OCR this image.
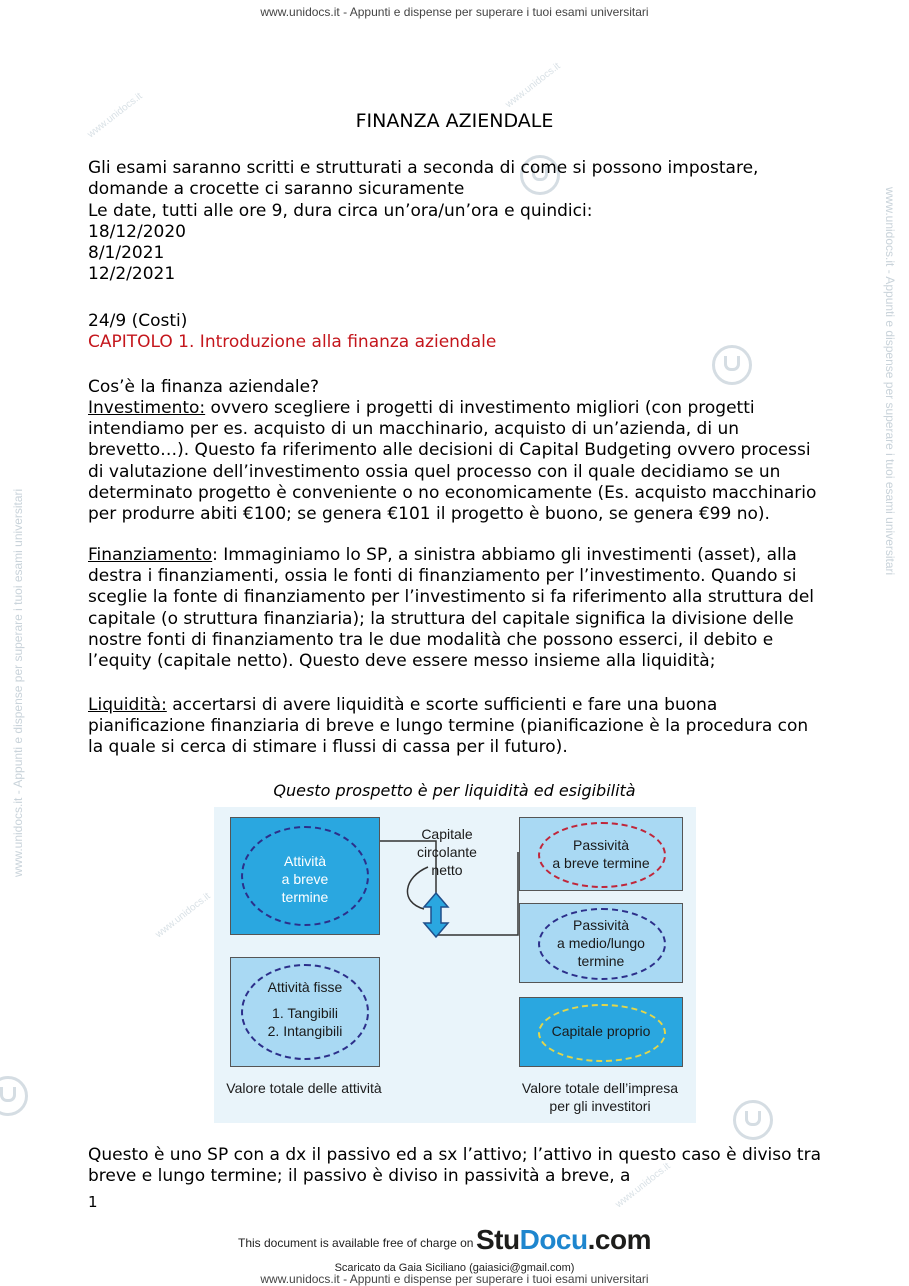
www.unidocs.it - Appunti e dispense per superare i tuoi esami universitari
www.unidocs.it - Appunti e dispense per superare i tuoi esami universitari
www.unidocs.it - Appunti e dispense per superare i tuoi esami universitari
www.unidocs.it
www.unidocs.it
www.unidocs.it
www.unidocs.it
FINANZA AZIENDALE
Gli esami saranno scritti e strutturati a seconda di come si possono impostare, domande a crocette ci saranno sicuramente
Le date, tutti alle ore 9, dura circa un’ora/un’ora e quindici:
18/12/2020
8/1/2021
12/2/2021
24/9 (Costi)
CAPITOLO 1. Introduzione alla finanza aziendale
Cos’è la finanza aziendale?
Investimento: ovvero scegliere i progetti di investimento migliori (con progetti intendiamo per es. acquisto di un macchinario, acquisto di un’azienda, di un brevetto…). Questo fa riferimento alle decisioni di Capital Budgeting ovvero processi di valutazione dell’investimento ossia quel processo con il quale decidiamo se un determinato progetto è conveniente o no economicamente (Es. acquisto macchinario per produrre abiti €100; se genera €101 il progetto è buono, se genera €99 no).
Finanziamento: Immaginiamo lo SP, a sinistra abbiamo gli investimenti (asset), alla destra i finanziamenti, ossia le fonti di finanziamento per l’investimento. Quando si sceglie la fonte di finanziamento per l’investimento si fa riferimento alla struttura del capitale (o struttura finanziaria); la struttura del capitale significa la divisione delle nostre fonti di finanziamento tra le due modalità che possono esserci, il debito e l’equity (capitale netto). Questo deve essere messo insieme alla liquidità;
Liquidità: accertarsi di avere liquidità e scorte sufficienti e fare una buona pianificazione finanziaria di breve e lungo termine (pianificazione è la procedura con la quale si cerca di stimare i flussi di cassa per il futuro).
Questo prospetto è per liquidità ed esigibilità
Attività
a breve
termine
Capitale
circolante
netto
Passività
a breve termine
Passività
a medio/lungo
termine
Attività fisse
1. Tangibili
2. Intangibili	Capitale proprio
Valore totale delle attività	Valore totale dell’impresa
per gli investitori
Questo è uno SP con a dx il passivo ed a sx l’attivo; l’attivo in questo caso è diviso tra breve e lungo termine; il passivo è diviso in passività a breve, a
1
This document is available free of charge on StuDocu.com
Scaricato da Gaia Siciliano (gaiasici@gmail.com)
www.unidocs.it - Appunti e dispense per superare i tuoi esami universitari
